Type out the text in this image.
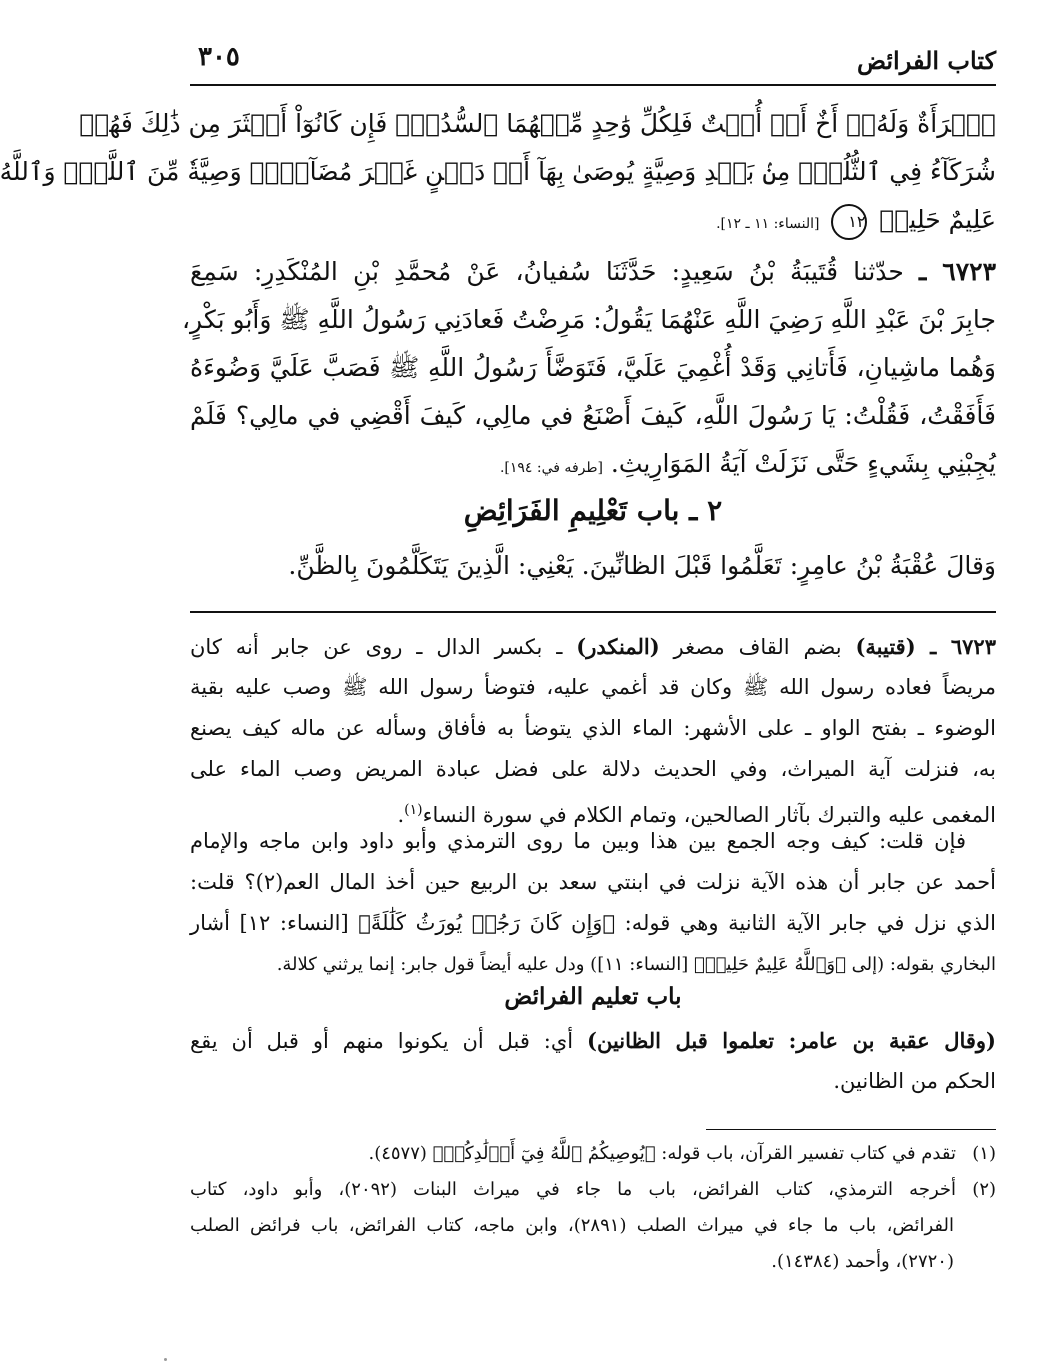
كتاب الفرائض
٣٠٥
ٱمۡرَأَةٌ وَلَهُۥٓ أَخٌ أَوۡ أُخۡتٌ فَلِكُلِّ وَٰحِدٍ مِّنۡهُمَا ٱلسُّدُسُۚ فَإِن كَانُوٓاْ أَكۡثَرَ مِن ذَٰلِكَ فَهُمۡ
شُرَكَآءُ فِي ٱلثُّلُثِۚ مِنۢ بَعۡدِ وَصِيَّةٍ يُوصَىٰ بِهَآ أَوۡ دَيۡنٍ غَيۡرَ مُضَآرّٖۚ وَصِيَّةٗ مِّنَ ٱللَّهِۗ وَٱللَّهُ
عَلِيمٌ حَلِيمٞ ١٢ [النساء: ١١ ـ ١٢].
٦٧٢٣ ـ حدّثنا قُتَيبَةُ بْنُ سَعِيدٍ: حَدَّثَنَا سُفيانُ، عَنْ مُحمَّدِ بْنِ المُنْكَدِرِ: سَمِعَ
جابِرَ بْنَ عَبْدِ اللَّهِ رَضِيَ اللَّهِ عَنْهُمَا يَقُولُ: مَرِضْتُ فَعادَنِي رَسُولُ اللَّهِ ﷺ وَأَبُو بَكْرٍ،
وَهُما ماشِيانِ، فَأَتانِي وَقَدْ أُغْمِيَ عَلَيَّ، فَتَوَضَّأَ رَسُولُ اللَّهِ ﷺ فَصَبَّ عَلَيَّ وَضُوءَهُ
فَأَفَقْتُ، فَقُلْتُ: يَا رَسُولَ اللَّهِ، كَيفَ أَصْنَعُ في مالِي، كَيفَ أَقْضِي في مالِي؟ فَلَمْ
يُجِبْنِي بِشَيءٍ حَتَّى نَزَلَتْ آيَةُ المَوَارِيثِ. [طرفه في: ١٩٤].
٢ ـ باب تَعْلِيمِ الفَرَائِضِ
وَقالَ عُقْبَةُ بْنُ عامِرٍ: تَعَلَّمُوا قَبْلَ الظانِّينَ. يَعْنِي: الَّذِينَ يَتَكَلَّمُونَ بِالظَّنِّ.
٦٧٢٣ ـ (قتيبة) بضم القاف مصغر (المنكدر) ـ بكسر الدال ـ روى عن جابر أنه كان
مريضاً فعاده رسول الله ﷺ وكان قد أغمي عليه، فتوضأ رسول الله ﷺ وصب عليه بقية
الوضوء ـ بفتح الواو ـ على الأشهر: الماء الذي يتوضأ به فأفاق وسأله عن ماله كيف يصنع
به، فنزلت آية الميراث، وفي الحديث دلالة على فضل عبادة المريض وصب الماء على
المغمى عليه والتبرك بآثار الصالحين، وتمام الكلام في سورة النساء$^{(١)}$.
فإن قلت: كيف وجه الجمع بين هذا وبين ما روى الترمذي وأبو داود وابن ماجه والإمام
أحمد عن جابر أن هذه الآية نزلت في ابنتي سعد بن الربيع حين أخذ المال العم(٢)؟ قلت:
الذي نزل في جابر الآية الثانية وهي قوله: ﴿وَإِن كَانَ رَجُلٞ يُورَثُ كَلَٰلَةً﴾ [النساء: ١٢] أشار
البخاري بقوله: (إلى ﴿وَٱللَّهُ عَلِيمٌ حَلِيمٞ﴾ [النساء: ١١]) ودل عليه أيضاً قول جابر: إنما يرثني كلالة.
باب تعليم الفرائض
(وقال عقبة بن عامر: تعلموا قبل الظانين) أي: قبل أن يكونوا منهم أو قبل أن يقع
الحكم من الظانين.
(١)تقدم في كتاب تفسير القرآن، باب قوله: ﴿يُوصِيكُمُ ٱللَّهُ فِيٓ أَوۡلَٰدِكُمۡ﴾ (٤٥٧٧).
(٢)أخرجه الترمذي، كتاب الفرائض، باب ما جاء في ميراث البنات (٢٠٩٢)، وأبو داود، كتاب
الفرائض، باب ما جاء في ميراث الصلب (٢٨٩١)، وابن ماجه، كتاب الفرائض، باب فرائض الصلب
(٢٧٢٠)، وأحمد (١٤٣٨٤).
